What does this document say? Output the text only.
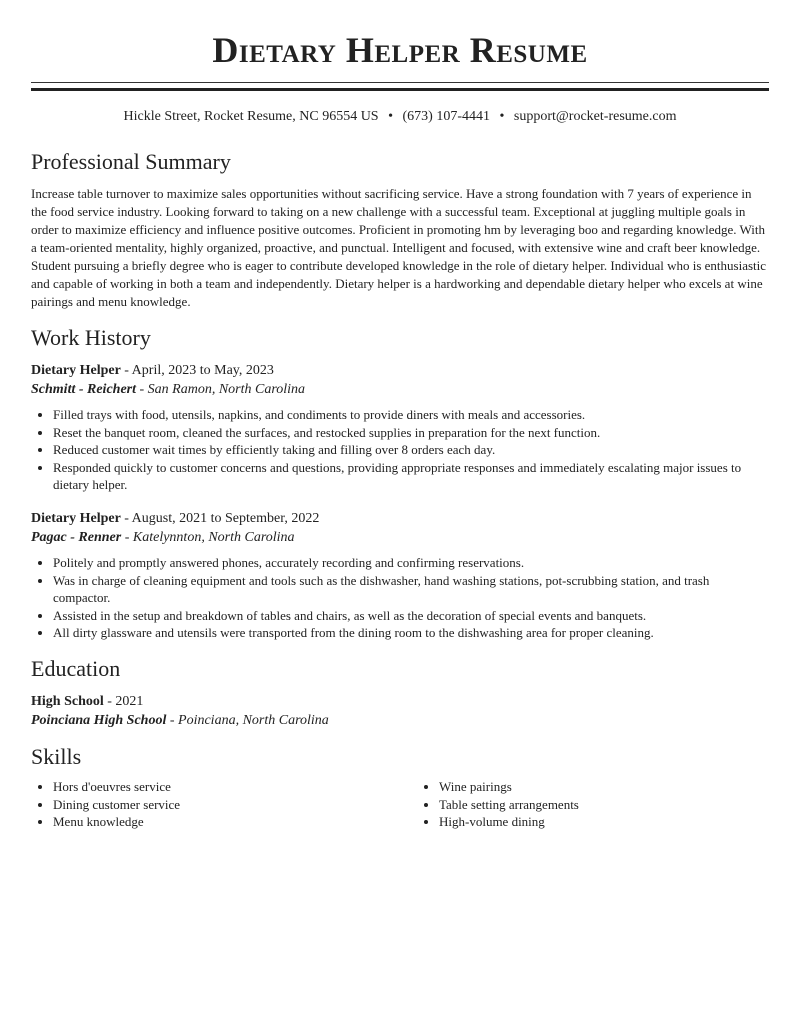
Dietary Helper Resume
Hickle Street, Rocket Resume, NC 96554 US • (673) 107-4441 • support@rocket-resume.com
Professional Summary

Increase table turnover to maximize sales opportunities without sacrificing service. Have a strong foundation with 7 years of experience in the food service industry. Looking forward to taking on a new challenge with a successful team. Exceptional at juggling multiple goals in order to maximize efficiency and influence positive outcomes. Proficient in promoting hm by leveraging boo and regarding knowledge. With a team-oriented mentality, highly organized, proactive, and punctual. Intelligent and focused, with extensive wine and craft beer knowledge. Student pursuing a briefly degree who is eager to contribute developed knowledge in the role of dietary helper. Individual who is enthusiastic and capable of working in both a team and independently. Dietary helper is a hardworking and dependable dietary helper who excels at wine pairings and menu knowledge.

Work History
Dietary Helper - April, 2023 to May, 2023
Schmitt - Reichert - San Ramon, North Carolina
• Filled trays with food, utensils, napkins, and condiments to provide diners with meals and accessories.
• Reset the banquet room, cleaned the surfaces, and restocked supplies in preparation for the next function.
• Reduced customer wait times by efficiently taking and filling over 8 orders each day.
• Responded quickly to customer concerns and questions, providing appropriate responses and immediately escalating major issues to dietary helper.
Dietary Helper - August, 2021 to September, 2022
Pagac - Renner - Katelynnton, North Carolina
• Politely and promptly answered phones, accurately recording and confirming reservations.
• Was in charge of cleaning equipment and tools such as the dishwasher, hand washing stations, pot-scrubbing station, and trash compactor.
• Assisted in the setup and breakdown of tables and chairs, as well as the decoration of special events and banquets.
• All dirty glassware and utensils were transported from the dining room to the dishwashing area for proper cleaning.
Education
High School - 2021
Poinciana High School - Poinciana, North Carolina
Skills
• Hors d'oeuvres service
• Dining customer service
• Menu knowledge
• Wine pairings
• Table setting arrangements
• High-volume dining
